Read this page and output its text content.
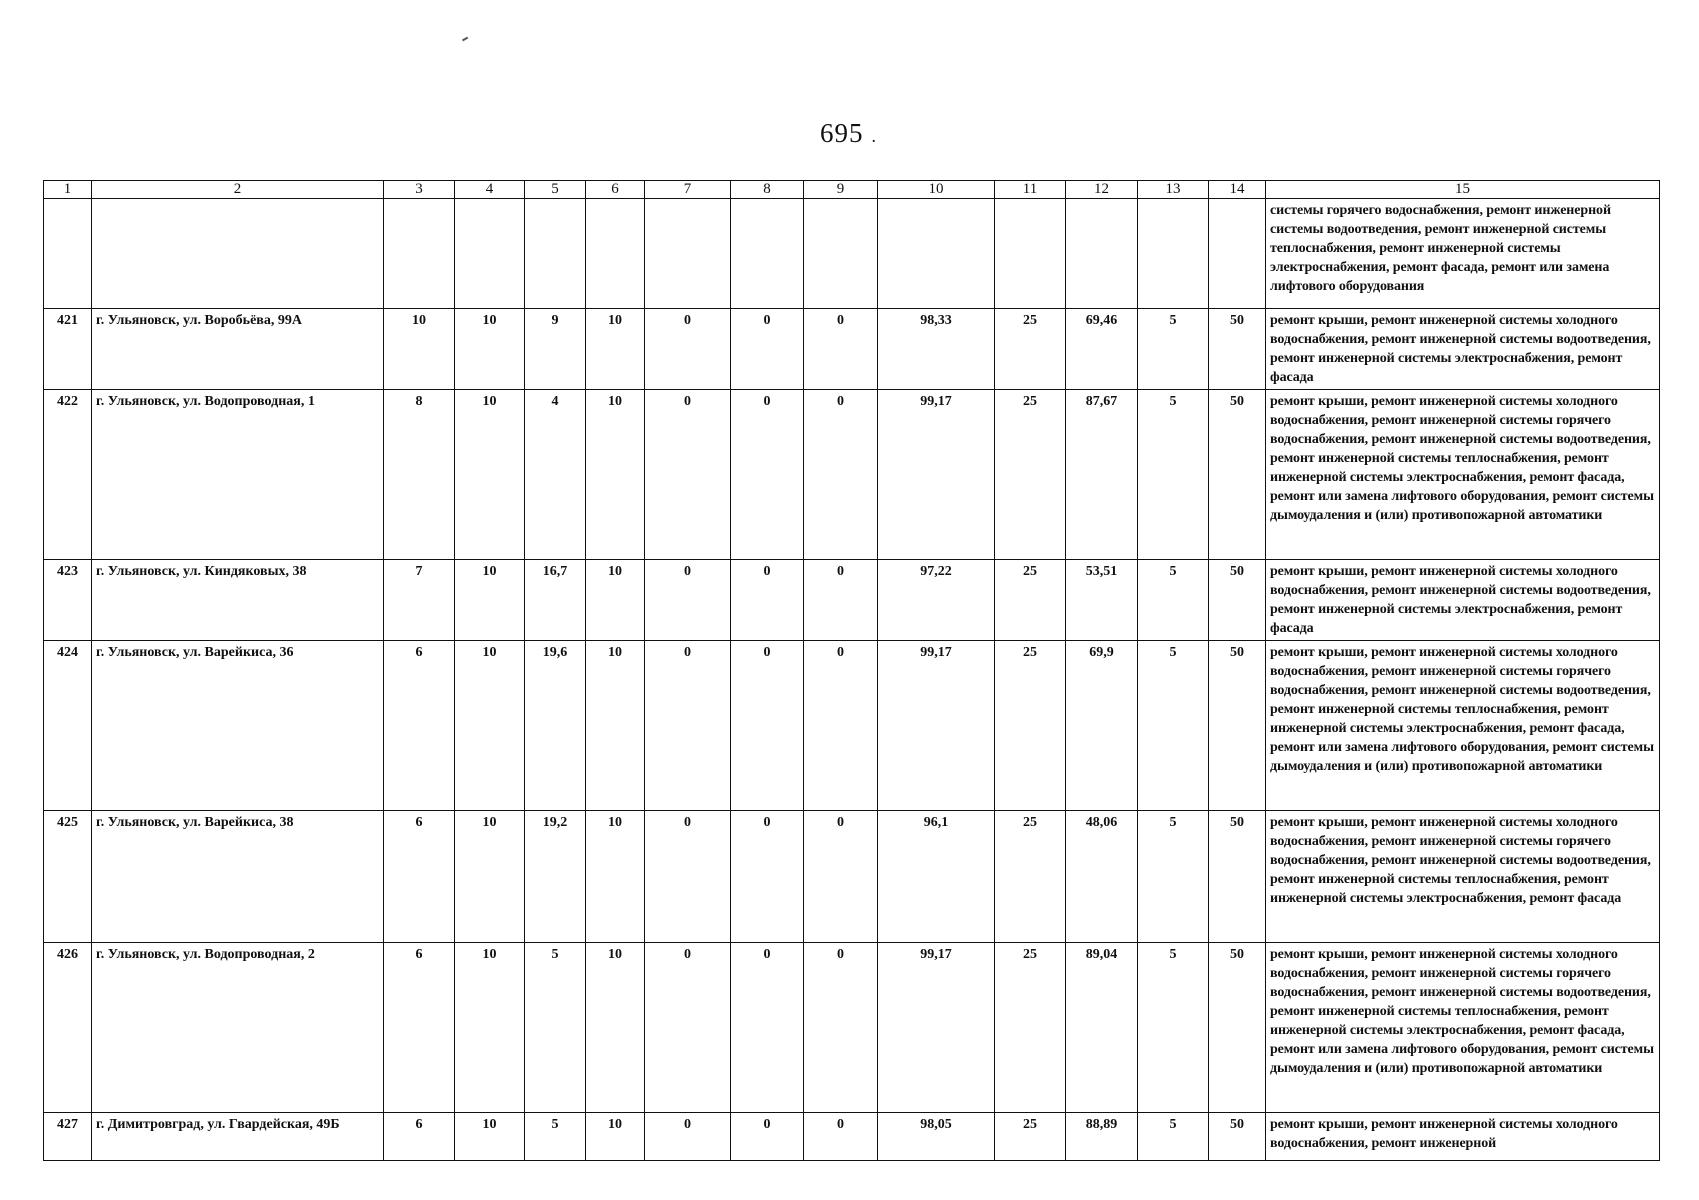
695 .
1	2	3	4	5	6	7	8	9	10	11	12	13	14	15
														системы горячего водоснабжения, ремонт инженерной системы водоотведения, ремонт инженерной системы теплоснабжения, ремонт инженерной системы электроснабжения, ремонт фасада, ремонт или замена лифтового оборудования
421	г. Ульяновск, ул. Воробьёва, 99А	10	10	9	10	0	0	0	98,33	25	69,46	5	50	ремонт крыши, ремонт инженерной системы холодного водоснабжения, ремонт инженерной системы водоотведения, ремонт инженерной системы электроснабжения, ремонт фасада
422	г. Ульяновск, ул. Водопроводная, 1	8	10	4	10	0	0	0	99,17	25	87,67	5	50	ремонт крыши, ремонт инженерной системы холодного водоснабжения, ремонт инженерной системы горячего водоснабжения, ремонт инженерной системы водоотведения, ремонт инженерной системы теплоснабжения, ремонт инженерной системы электроснабжения, ремонт фасада, ремонт или замена лифтового оборудования, ремонт системы дымоудаления и (или) противопожарной автоматики
423	г. Ульяновск, ул. Киндяковых, 38	7	10	16,7	10	0	0	0	97,22	25	53,51	5	50	ремонт крыши, ремонт инженерной системы холодного водоснабжения, ремонт инженерной системы водоотведения, ремонт инженерной системы электроснабжения, ремонт фасада
424	г. Ульяновск, ул. Варейкиса, 36	6	10	19,6	10	0	0	0	99,17	25	69,9	5	50	ремонт крыши, ремонт инженерной системы холодного водоснабжения, ремонт инженерной системы горячего водоснабжения, ремонт инженерной системы водоотведения, ремонт инженерной системы теплоснабжения, ремонт инженерной системы электроснабжения, ремонт фасада, ремонт или замена лифтового оборудования, ремонт системы дымоудаления и (или) противопожарной автоматики
425	г. Ульяновск, ул. Варейкиса, 38	6	10	19,2	10	0	0	0	96,1	25	48,06	5	50	ремонт крыши, ремонт инженерной системы холодного водоснабжения, ремонт инженерной системы горячего водоснабжения, ремонт инженерной системы водоотведения, ремонт инженерной системы теплоснабжения, ремонт инженерной системы электроснабжения, ремонт фасада
426	г. Ульяновск, ул. Водопроводная, 2	6	10	5	10	0	0	0	99,17	25	89,04	5	50	ремонт крыши, ремонт инженерной системы холодного водоснабжения, ремонт инженерной системы горячего водоснабжения, ремонт инженерной системы водоотведения, ремонт инженерной системы теплоснабжения, ремонт инженерной системы электроснабжения, ремонт фасада, ремонт или замена лифтового оборудования, ремонт системы дымоудаления и (или) противопожарной автоматики
427	г. Димитровград, ул. Гвардейская, 49Б	6	10	5	10	0	0	0	98,05	25	88,89	5	50	ремонт крыши, ремонт инженерной системы холодного водоснабжения, ремонт инженерной
